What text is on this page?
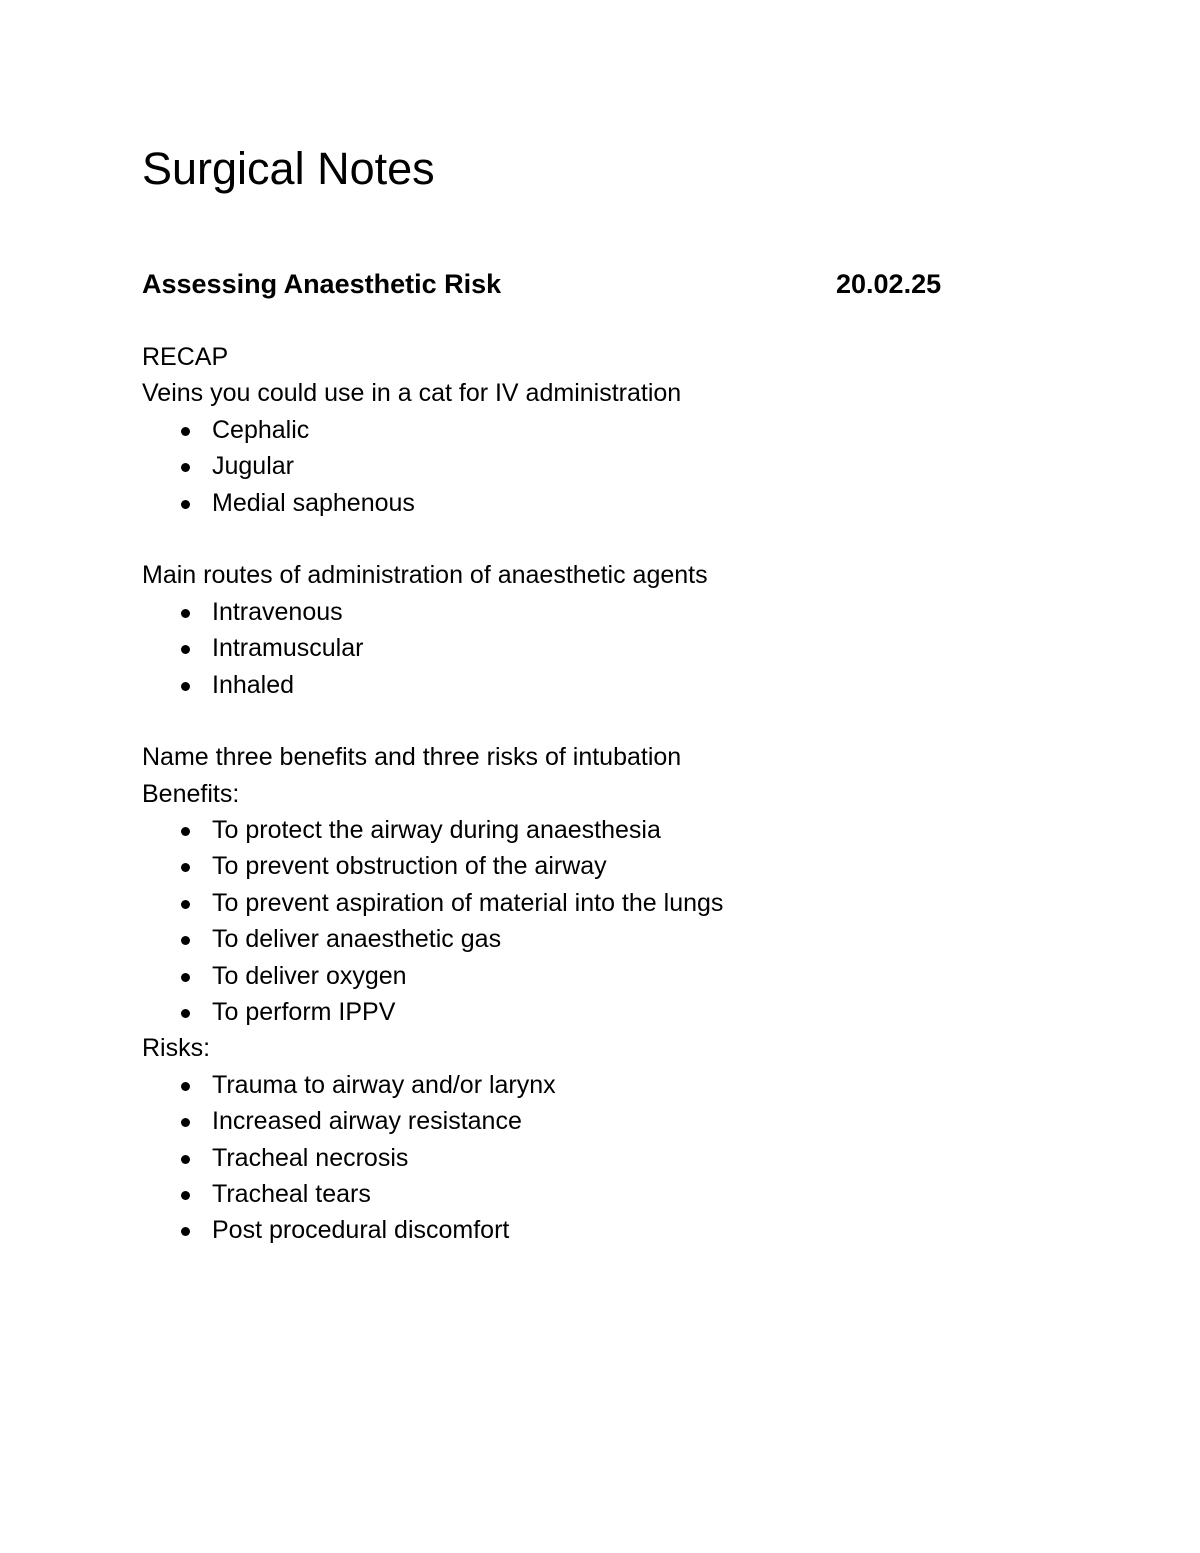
Surgical Notes
Assessing Anaesthetic Risk	20.02.25
RECAP
Veins you could use in a cat for IV administration
Cephalic
Jugular
Medial saphenous
Main routes of administration of anaesthetic agents
Intravenous
Intramuscular
Inhaled
Name three benefits and three risks of intubation
Benefits:
To protect the airway during anaesthesia
To prevent obstruction of the airway
To prevent aspiration of material into the lungs
To deliver anaesthetic gas
To deliver oxygen
To perform IPPV
Risks:
Trauma to airway and/or larynx
Increased airway resistance
Tracheal necrosis
Tracheal tears
Post procedural discomfort
